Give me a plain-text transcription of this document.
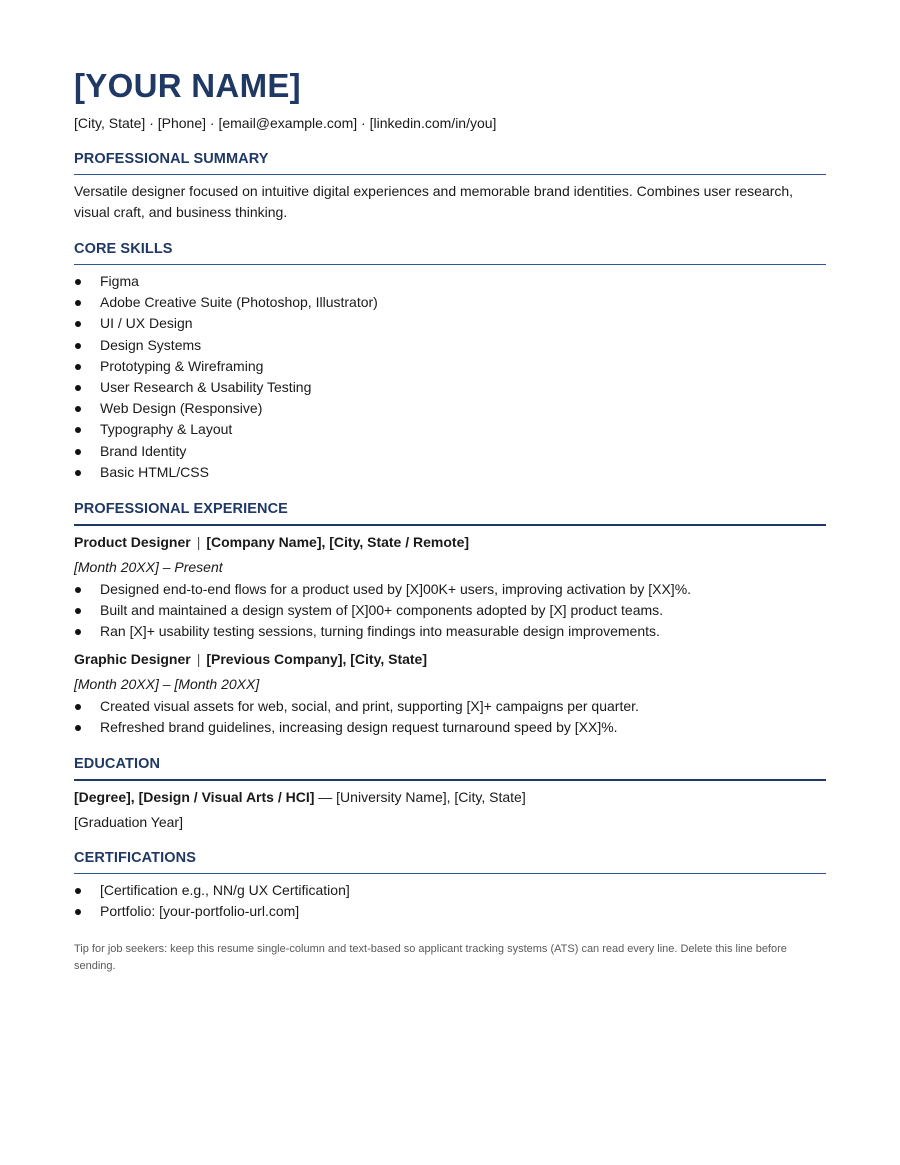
[YOUR NAME]
[City, State] · [Phone] · [email@example.com] · [linkedin.com/in/you]
PROFESSIONAL SUMMARY

Versatile designer focused on intuitive digital experiences and memorable brand identities. Combines user research, visual craft, and business thinking.

CORE SKILLS
Figma
Adobe Creative Suite (Photoshop, Illustrator)
UI / UX Design
Design Systems
Prototyping & Wireframing
User Research & Usability Testing
Web Design (Responsive)
Typography & Layout
Brand Identity
Basic HTML/CSS
PROFESSIONAL EXPERIENCE
Product Designer | [Company Name], [City, State / Remote]
[Month 20XX] – Present
Designed end-to-end flows for a product used by [X]00K+ users, improving activation by [XX]%.
Built and maintained a design system of [X]00+ components adopted by [X] product teams.
Ran [X]+ usability testing sessions, turning findings into measurable design improvements.
Graphic Designer | [Previous Company], [City, State]
[Month 20XX] – [Month 20XX]
Created visual assets for web, social, and print, supporting [X]+ campaigns per quarter.
Refreshed brand guidelines, increasing design request turnaround speed by [XX]%.
EDUCATION
[Degree], [Design / Visual Arts / HCI] — [University Name], [City, State]
[Graduation Year]
CERTIFICATIONS
[Certification e.g., NN/g UX Certification]
Portfolio: [your-portfolio-url.com]
Tip for job seekers: keep this resume single-column and text-based so applicant tracking systems (ATS) can read every line. Delete this line before sending.
